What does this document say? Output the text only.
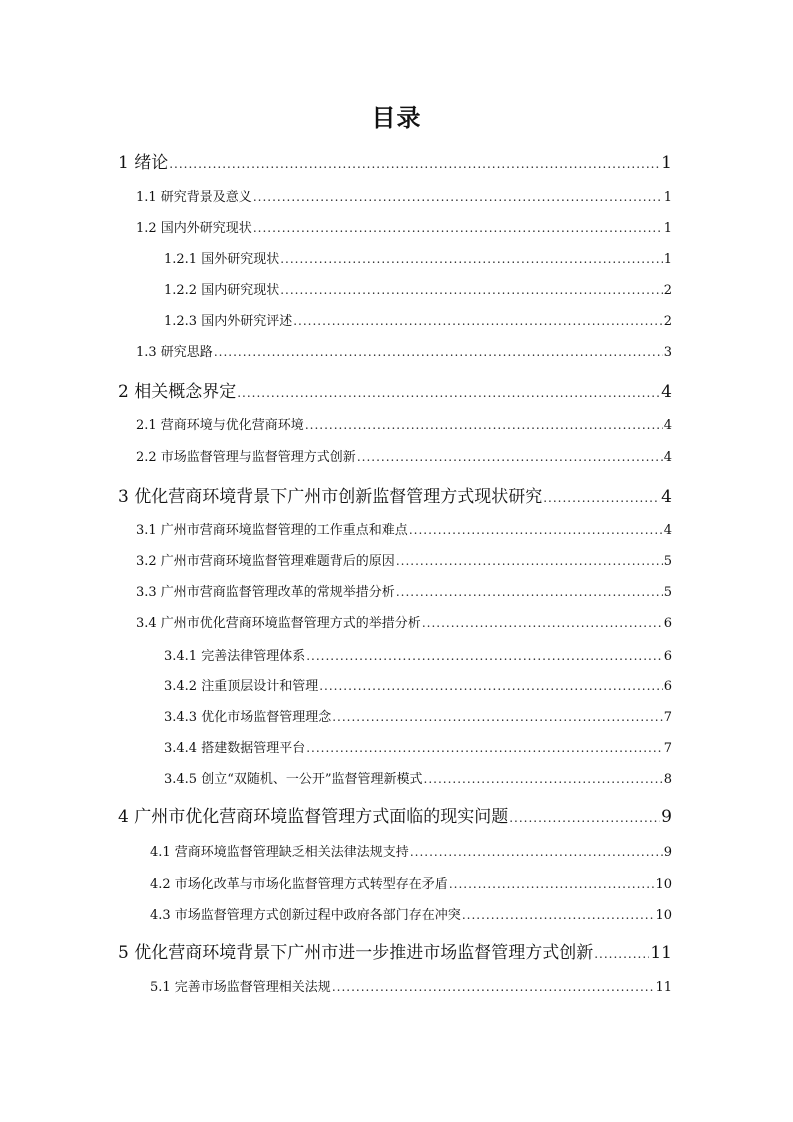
目录
1 绪论 .....	1
1.1 研究背景及意义 .....	1
1.2 国内外研究现状 .....	1
1.2.1 国外研究现状 .....	1
1.2.2 国内研究现状 .....	2
1.2.3 国内外研究评述 .....	2
1.3 研究思路 .....	3
2 相关概念界定 .....	4
2.1 营商环境与优化营商环境 .....	4
2.2 市场监督管理与监督管理方式创新 .....	4
3 优化营商环境背景下广州市创新监督管理方式现状研究 .....	4
3.1 广州市营商环境监督管理的工作重点和难点 .....	4
3.2 广州市营商环境监督管理难题背后的原因 .....	5
3.3 广州市营商监督管理改革的常规举措分析 .....	5
3.4 广州市优化营商环境监督管理方式的举措分析 .....	6
3.4.1 完善法律管理体系 .....	6
3.4.2 注重顶层设计和管理 .....	6
3.4.3 优化市场监督管理理念 .....	7
3.4.4 搭建数据管理平台 .....	7
3.4.5 创立“双随机、一公开”监督管理新模式 .....	8
4 广州市优化营商环境监督管理方式面临的现实问题 .....	9
4.1 营商环境监督管理缺乏相关法律法规支持 .....	9
4.2 市场化改革与市场化监督管理方式转型存在矛盾 .....	10
4.3 市场监督管理方式创新过程中政府各部门存在冲突 .....	10
5 优化营商环境背景下广州市进一步推进市场监督管理方式创新 .....	11
5.1 完善市场监督管理相关法规 .....	11
